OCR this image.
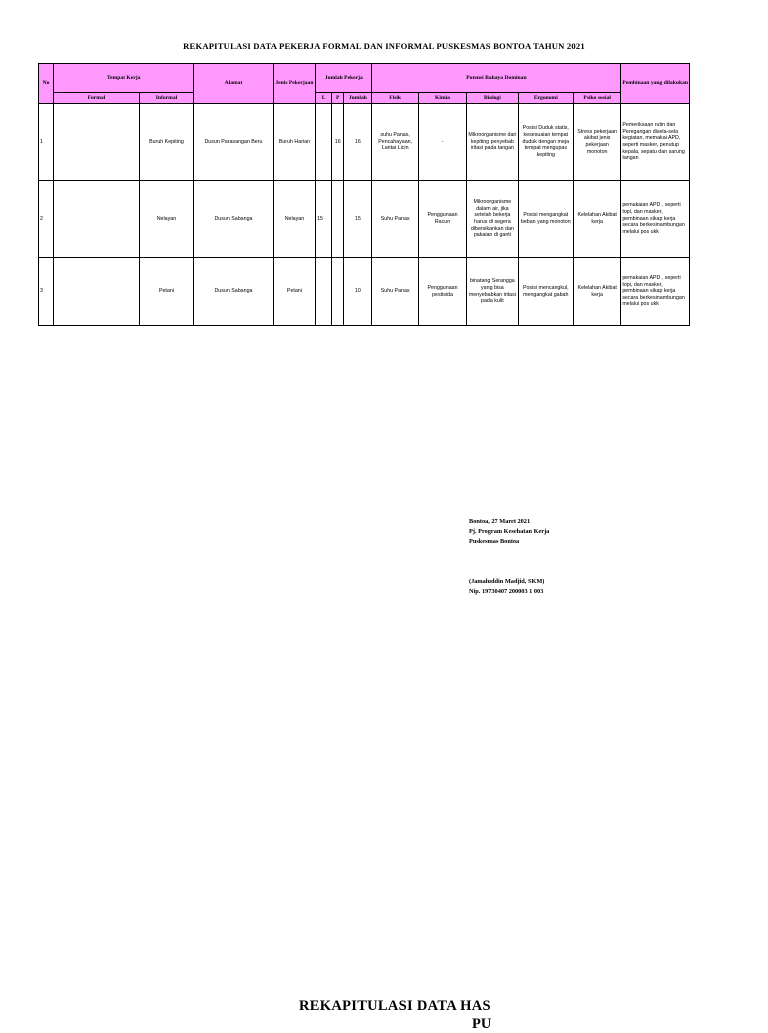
REKAPITULASI DATA PEKERJA FORMAL DAN INFORMAL PUSKESMAS BONTOA TAHUN 2021
No	Tempat Kerja		Alamat	Jenis Pekerjaan	Jumlah Pekerja			Potensi Bahaya Dominan					Pembinaan yang dilakukan
	Formal	Informal			L	P	Jumlah	Fisik	Kimia	Biologi	Ergonomi	Psiko sosial	
1		Buruh Kepiting	Dusun Parasangan Beru	Buruh Harian		16	16	suhu Panas, Pencahayaan, Lantai Licin	-	Mikroorganisme dari kepiting penyebab iritasi pada tangan	Posisi Duduk statis, kesesuaian tempat duduk dengan meja tempat mengupas kepiting	Stress pekerjaan akibat jenis pekerjaan monoton	Pemeriksaan rutin dan Peregangan disela-sela kegiatan, memakai APD, seperti masker, penutup kepala, sepatu dan sarung tangan
2		Nelayan	Dusun Sabanga	Nelayan	15		15	Suhu Panas	Penggunaan Racun	Mikroorganisme dalam air, jika setelah bekerja harus di segera dibersikankan dan pakaian di ganti	Posisi mengangkat beban yang monoton	Kelelahan Akibat kerja	pemakaian APD , seperti topi, dan masker, pembinaan sikap kerja secara berkesinambungan melalui pos ukk
3		Petani	Dusun Sabanga	Petani			10	Suhu Panas	Penggunaan pestisida	binatang Serangga yang bisa menyebabkan iritasi pada kulit	Posisi mencangkul, mengangkat gabah	Kelelahan Akibat kerja	pemakaian APD , seperti topi, dan masker, pembinaan sikap kerja secara berkesinambungan melalui pos ukk
Bontoa, 27 Maret 2021
Pj. Program Kesehatan Kerja
Puskesmas Bontoa
(Jamaluddin Madjid, SKM)
Nip. 19730407 200003 1 003
REKAPITULASI DATA HAS
PU
